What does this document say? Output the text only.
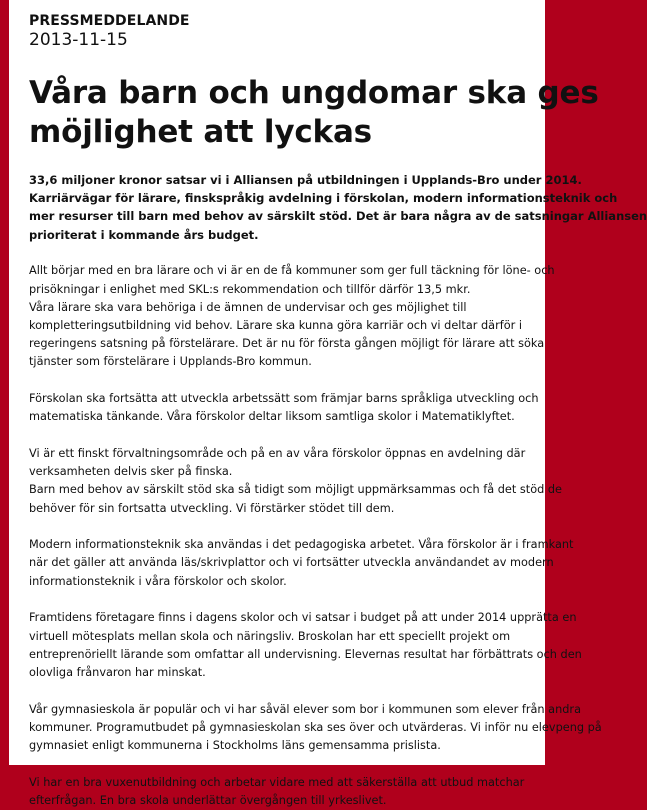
PRESSMEDDELANDE
2013-11-15
Våra barn och ungdomar ska ges
möjlighet att lyckas
33,6 miljoner kronor satsar vi i Alliansen på utbildningen i Upplands-Bro under 2014.
Karriärvägar för lärare, finskspråkig avdelning i förskolan, modern informationsteknik och
mer resurser till barn med behov av särskilt stöd. Det är bara några av de satsningar Alliansen
prioriterat i kommande års budget.
Allt börjar med en bra lärare och vi är en de få kommuner som ger full täckning för löne- och
prisökningar i enlighet med SKL:s rekommendation och tillför därför 13,5 mkr.
Våra lärare ska vara behöriga i de ämnen de undervisar och ges möjlighet till
kompletteringsutbildning vid behov. Lärare ska kunna göra karriär och vi deltar därför i
regeringens satsning på förstelärare. Det är nu för första gången möjligt för lärare att söka
tjänster som förstelärare i Upplands-Bro kommun.
Förskolan ska fortsätta att utveckla arbetssätt som främjar barns språkliga utveckling och
matematiska tänkande. Våra förskolor deltar liksom samtliga skolor i Matematiklyftet.
Vi är ett finskt förvaltningsområde och på en av våra förskolor öppnas en avdelning där
verksamheten delvis sker på finska.
Barn med behov av särskilt stöd ska så tidigt som möjligt uppmärksammas och få det stöd de
behöver för sin fortsatta utveckling. Vi förstärker stödet till dem.
Modern informationsteknik ska användas i det pedagogiska arbetet. Våra förskolor är i framkant
när det gäller att använda läs/skrivplattor och vi fortsätter utveckla användandet av modern
informationsteknik i våra förskolor och skolor.
Framtidens företagare finns i dagens skolor och vi satsar i budget på att under 2014 upprätta en
virtuell mötesplats mellan skola och näringsliv. Broskolan har ett speciellt projekt om
entreprenöriellt lärande som omfattar all undervisning. Elevernas resultat har förbättrats och den
olovliga frånvaron har minskat.
Vår gymnasieskola är populär och vi har såväl elever som bor i kommunen som elever från andra
kommuner. Programutbudet på gymnasieskolan ska ses över och utvärderas. Vi inför nu elevpeng på
gymnasiet enligt kommunerna i Stockholms läns gemensamma prislista.
Vi har en bra vuxenutbildning och arbetar vidare med att säkerställa att utbud matchar
efterfrågan. En bra skola underlättar övergången till yrkeslivet.
